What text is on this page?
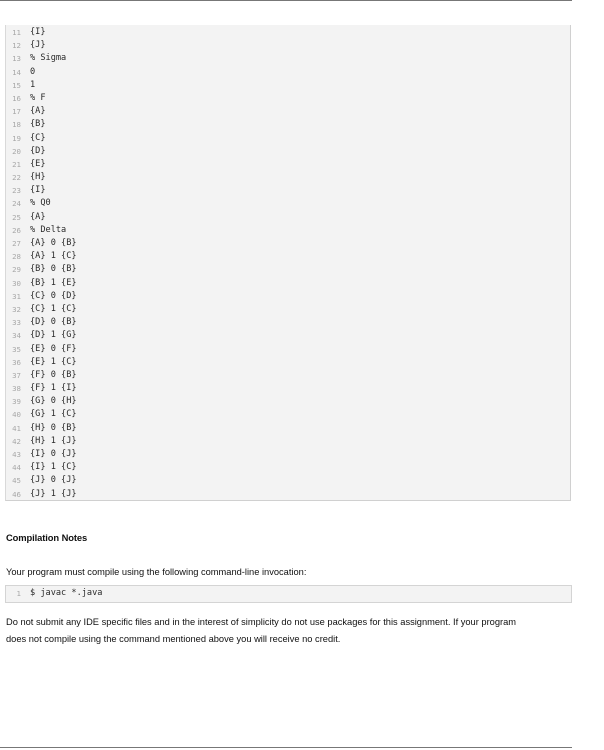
11 {I}
12 {J}
13 % Sigma
14 0
15 1
16 % F
17 {A}
18 {B}
19 {C}
20 {D}
21 {E}
22 {H}
23 {I}
24 % Q0
25 {A}
26 % Delta
27 {A} 0 {B}
28 {A} 1 {C}
29 {B} 0 {B}
30 {B} 1 {E}
31 {C} 0 {D}
32 {C} 1 {C}
33 {D} 0 {B}
34 {D} 1 {G}
35 {E} 0 {F}
36 {E} 1 {C}
37 {F} 0 {B}
38 {F} 1 {I}
39 {G} 0 {H}
40 {G} 1 {C}
41 {H} 0 {B}
42 {H} 1 {J}
43 {I} 0 {J}
44 {I} 1 {C}
45 {J} 0 {J}
46 {J} 1 {J}
Compilation Notes

Your program must compile using the following command-line invocation:

1 $ javac *.java

Do not submit any IDE specific files and in the interest of simplicity do not use packages for this assignment. If your program
does not compile using the command mentioned above you will receive no credit.
